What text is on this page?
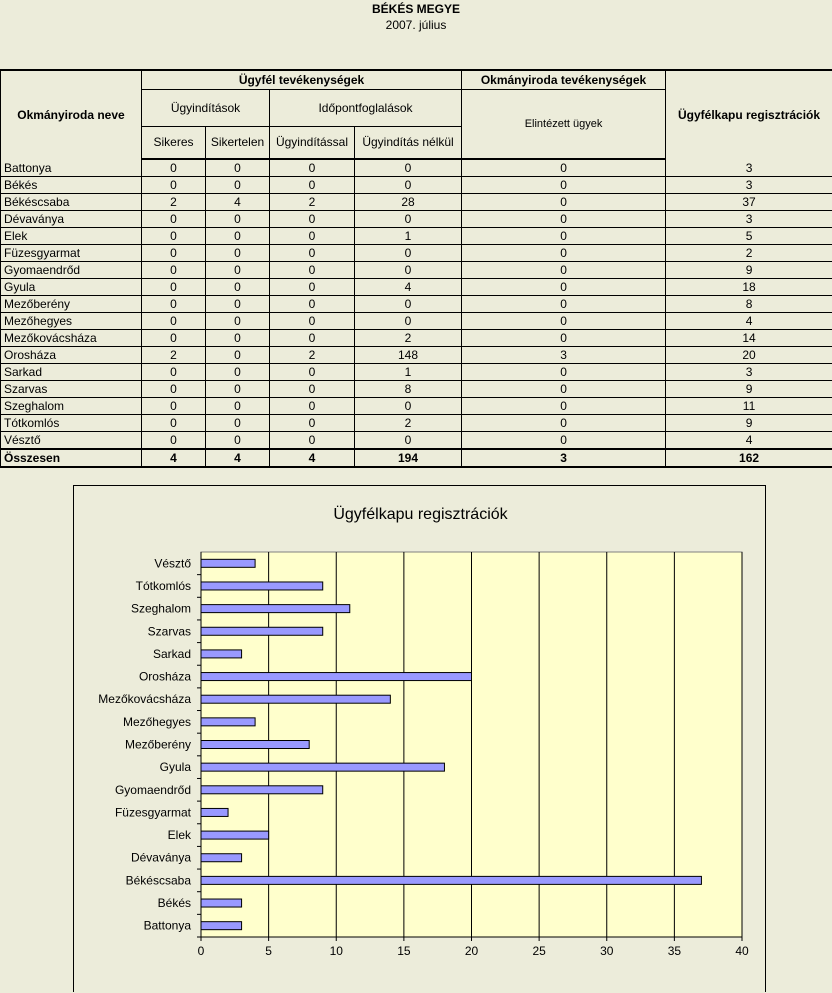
BÉKÉS MEGYE
2007. július
Okmányiroda neve	Ügyfél tevékenységek				Okmányiroda tevékenységek	Ügyfélkapu regisztrációk
	Ügyindítások		Időpontfoglalások		Elintézett ügyek	
	Sikeres	Sikertelen	Ügyindítással	Ügyindítás nélkül		
Battonya	0	0	0	0	0	3
Békés	0	0	0	0	0	3
Békéscsaba	2	4	2	28	0	37
Dévaványa	0	0	0	0	0	3
Elek	0	0	0	1	0	5
Füzesgyarmat	0	0	0	0	0	2
Gyomaendrőd	0	0	0	0	0	9
Gyula	0	0	0	4	0	18
Mezőberény	0	0	0	0	0	8
Mezőhegyes	0	0	0	0	0	4
Mezőkovácsháza	0	0	0	2	0	14
Orosháza	2	0	2	148	3	20
Sarkad	0	0	0	1	0	3
Szarvas	0	0	0	8	0	9
Szeghalom	0	0	0	0	0	11
Tótkomlós	0	0	0	2	0	9
Vésztő	0	0	0	0	0	4
Összesen	4	4	4	194	3	162
Ügyfélkapu regisztrációk
0	5	10	15	20	25	30	35	40
Battonya
Békés
Békéscsaba
Dévaványa
Elek
Füzesgyarmat
Gyomaendrőd
Gyula
Mezőberény
Mezőhegyes
Mezőkovácsháza
Orosháza
Sarkad
Szarvas
Szeghalom
Tótkomlós
Vésztő
